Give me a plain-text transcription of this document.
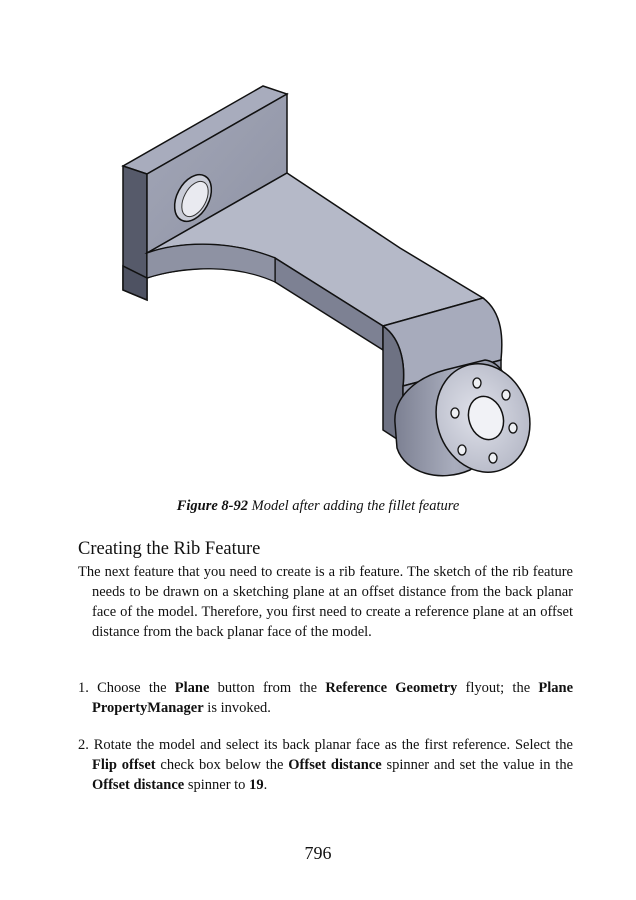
Figure 8-92 Model after adding the fillet feature
Creating the Rib Feature

The next feature that you need to create is a rib feature. The sketch of the rib feature needs to be drawn on a sketching plane at an offset distance from the back planar face of the model. Therefore, you first need to create a reference plane at an offset distance from the back planar face of the model.

1. Choose the Plane button from the Reference Geometry flyout; the Plane PropertyManager is invoked.

2. Rotate the model and select its back planar face as the first reference. Select the Flip offset check box below the Offset distance spinner and set the value in the Offset distance spinner to 19.

796
